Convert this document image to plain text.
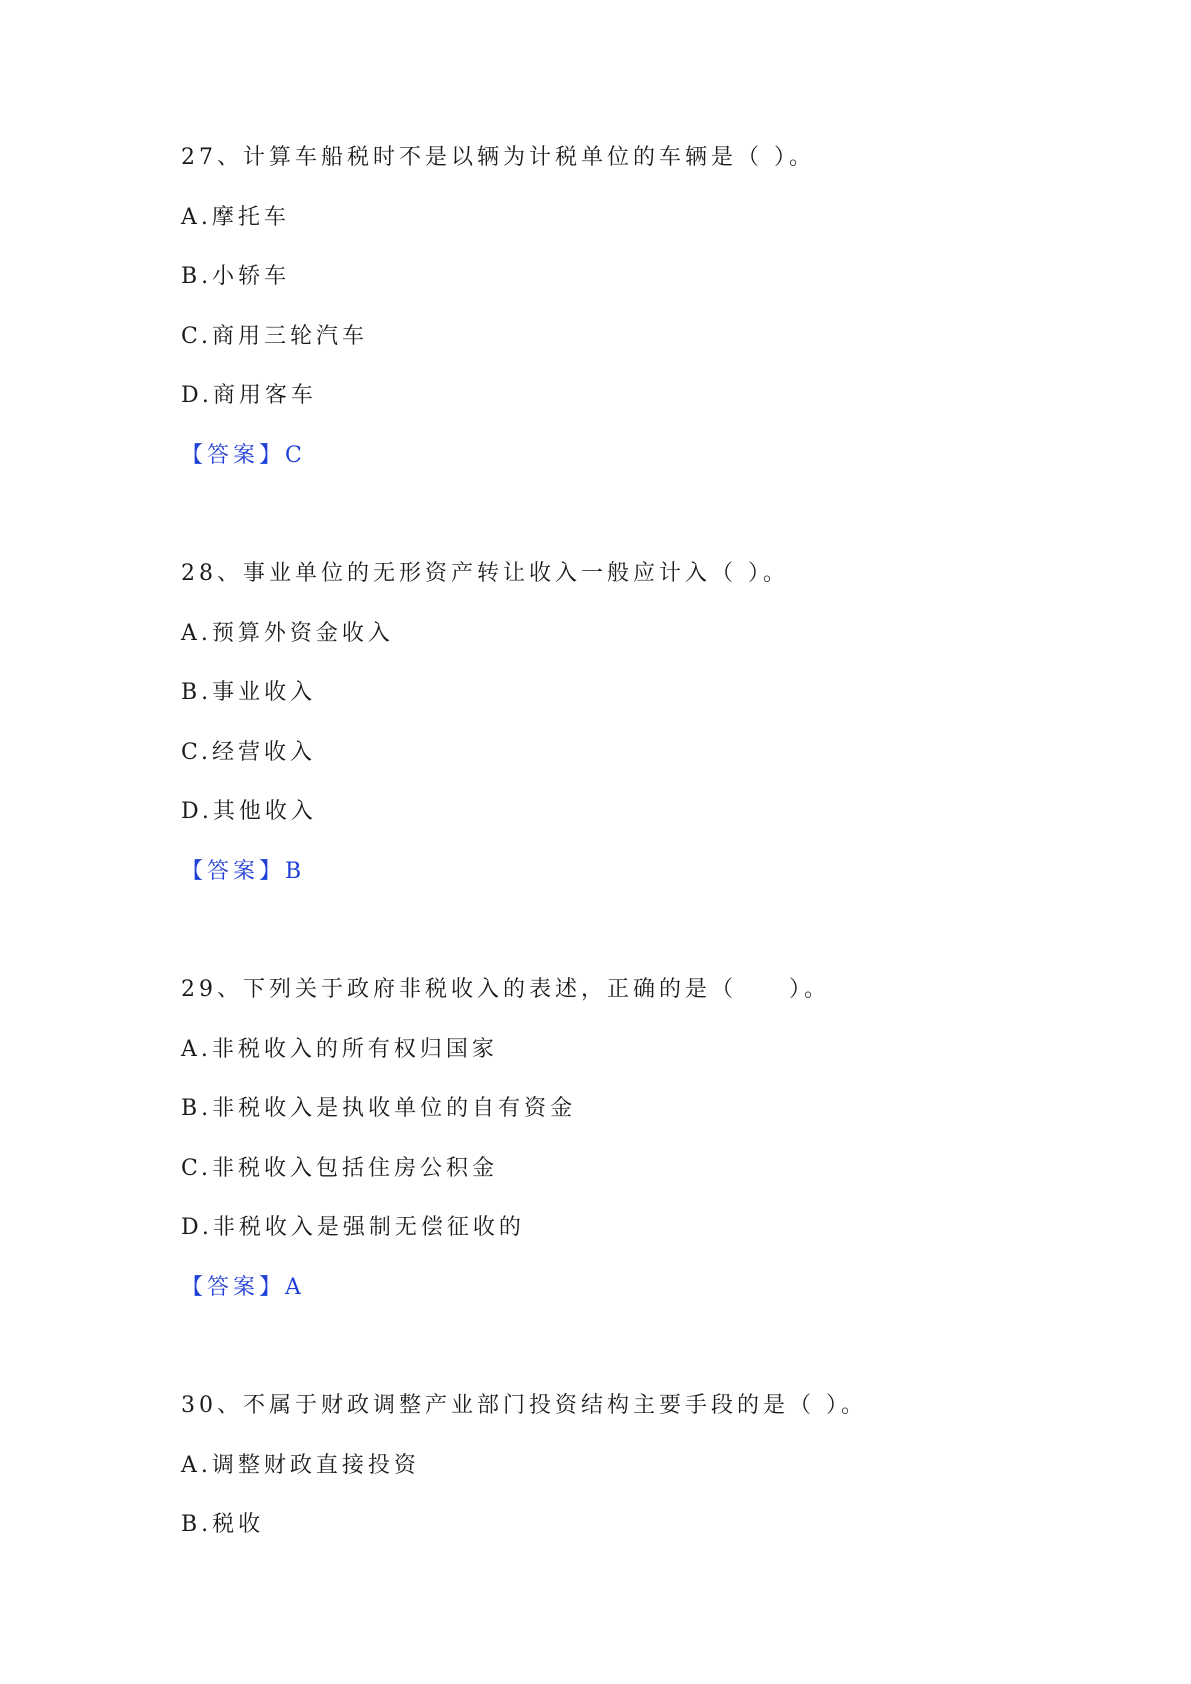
27、计算车船税时不是以辆为计税单位的车辆是（ ）。
A.摩托车
B.小轿车
C.商用三轮汽车
D.商用客车
【答案】C
28、事业单位的无形资产转让收入一般应计入（ ）。
A.预算外资金收入
B.事业收入
C.经营收入
D.其他收入
【答案】B
29、下列关于政府非税收入的表述，正确的是（　　）。
A.非税收入的所有权归国家
B.非税收入是执收单位的自有资金
C.非税收入包括住房公积金
D.非税收入是强制无偿征收的
【答案】A
30、不属于财政调整产业部门投资结构主要手段的是（ ）。
A.调整财政直接投资
B.税收
